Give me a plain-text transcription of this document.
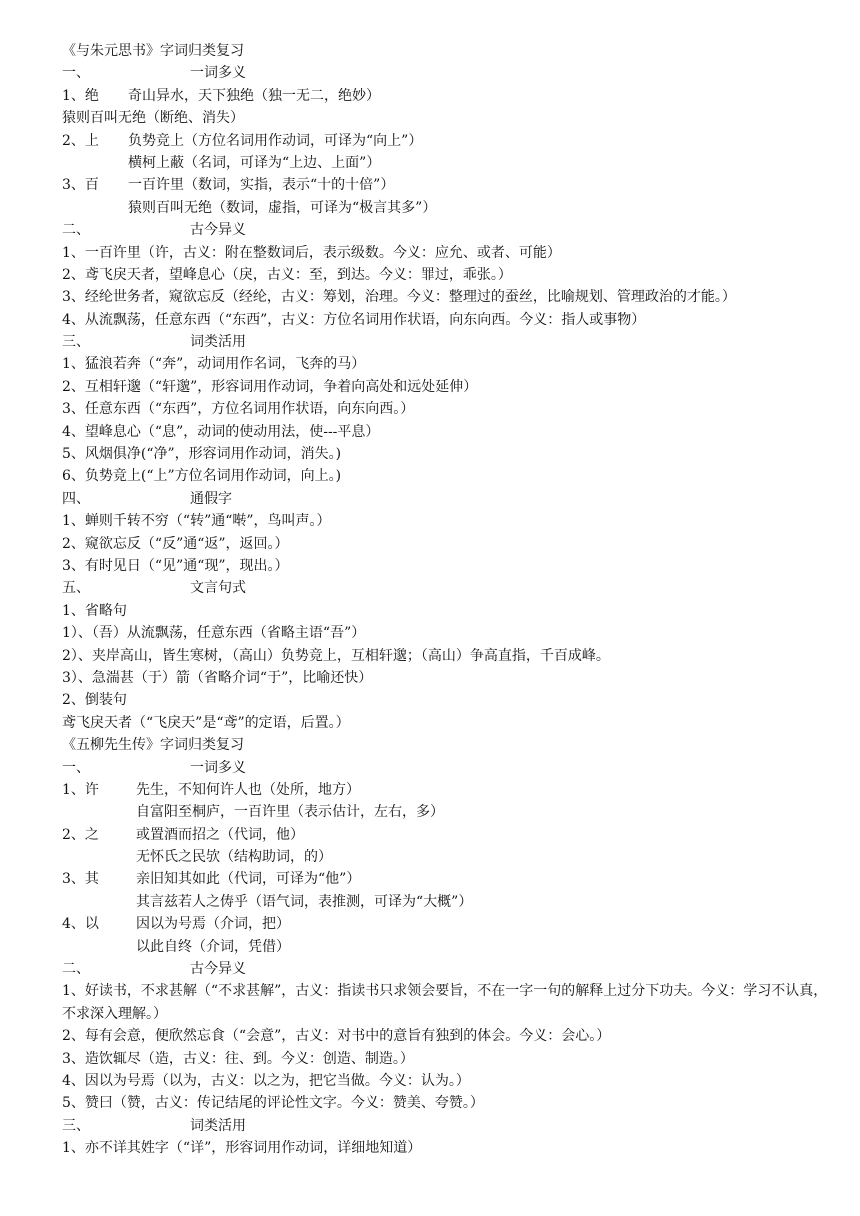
《与朱元思书》字词归类复习
一、	一词多义
1、绝 奇山异水，天下独绝（独一无二，绝妙）
猿则百叫无绝（断绝、消失）
2、上 负势竞上（方位名词用作动词，可译为“向上”）
横柯上蔽（名词，可译为“上边、上面”）
3、百 一百许里（数词，实指，表示“十的十倍”）
猿则百叫无绝（数词，虚指，可译为“极言其多”）
二、	古今异义
1、一百许里（许，古义：附在整数词后，表示级数。今义：应允、或者、可能）
2、鸢飞戾天者，望峰息心（戾，古义：至，到达。今义：罪过，乖张。）
3、经纶世务者，窥欲忘反（经纶，古义：筹划，治理。今义：整理过的蚕丝，比喻规划、管理政治的才能。）
4、从流飘荡，任意东西（“东西”，古义：方位名词用作状语，向东向西。今义：指人或事物）
三、	词类活用
1、猛浪若奔（“奔”，动词用作名词，飞奔的马）
2、互相轩邈（“轩邈”，形容词用作动词，争着向高处和远处延伸）
3、任意东西（“东西”，方位名词用作状语，向东向西。）
4、望峰息心（“息”，动词的使动用法，使---平息）
5、风烟俱净(“净”，形容词用作动词，消失。)
6、负势竞上(“上”方位名词用作动词，向上。)
四、	通假字
1、蝉则千转不穷（“转”通“啭”，鸟叫声。）
2、窥欲忘反（“反”通“返”，返回。）
3、有时见日（“见”通“现”，现出。）
五、	文言句式
1、省略句
1）、（吾）从流飘荡，任意东西（省略主语“吾”）
2）、夹岸高山，皆生寒树，（高山）负势竞上，互相轩邈；（高山）争高直指，千百成峰。
3）、急湍甚（于）箭（省略介词“于”，比喻还快）
2、倒装句
鸢飞戾天者（“飞戾天”是“鸢”的定语，后置。）
《五柳先生传》字词归类复习
一、	一词多义
1、许	先生，不知何许人也（处所，地方）
自富阳至桐庐，一百许里（表示估计，左右，多）
2、之	或置酒而招之（代词，他）
无怀氏之民欤（结构助词，的）
3、其	亲旧知其如此（代词，可译为“他”）
其言兹若人之俦乎（语气词，表推测，可译为“大概”）
4、以	因以为号焉（介词，把）
以此自终（介词，凭借）
二、	古今异义
1、好读书，不求甚解（“不求甚解”，古义：指读书只求领会要旨，不在一字一句的解释上过分下功夫。今义：学习不认真，不求深入理解。）
2、每有会意，便欣然忘食（“会意”，古义：对书中的意旨有独到的体会。今义：会心。）
3、造饮辄尽（造，古义：往、到。今义：创造、制造。）
4、因以为号焉（以为，古义：以之为，把它当做。今义：认为。）
5、赞曰（赞，古义：传记结尾的评论性文字。今义：赞美、夸赞。）
三、	词类活用
1、亦不详其姓字（“详”，形容词用作动词，详细地知道）
